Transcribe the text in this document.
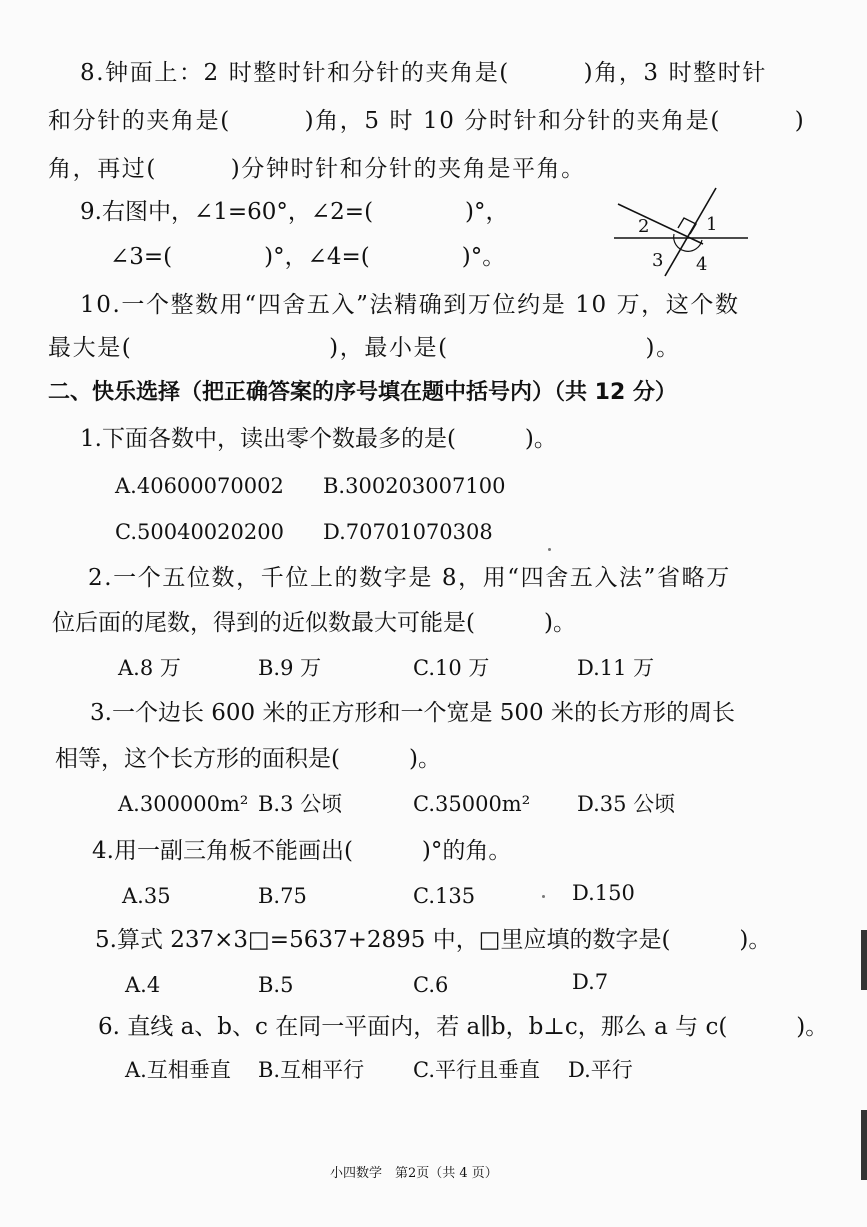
8.钟面上：2 时整时针和分针的夹角是(　　　)角，3 时整时针
和分针的夹角是(　　　)角，5 时 10 分时针和分针的夹角是(　　　)
角，再过(　　　)分钟时针和分针的夹角是平角。
9.右图中，∠1=60°，∠2=(　　　　)°，
∠3=(　　　　)°，∠4=(　　　　)°。
2	1
3 4
10.一个整数用“四舍五入”法精确到万位约是 10 万，这个数
最大是(　　　　　　　　)，最小是(　　　　　　　　)。
二、快乐选择（把正确答案的序号填在题中括号内）（共 12 分）
1.下面各数中，读出零个数最多的是(　　　)。
A.40600070002 B.300203007100
C.50040020200 D.70701070308
2.一个五位数，千位上的数字是 8，用“四舍五入法”省略万
位后面的尾数，得到的近似数最大可能是(　　　)。
A.8 万	B.9 万	C.10 万	D.11 万
3.一个边长 600 米的正方形和一个宽是 500 米的长方形的周长
相等，这个长方形的面积是(　　　)。
A.300000m² B.3 公顷	C.35000m² D.35 公顷
4.用一副三角板不能画出(　　　)°的角。
A.35	B.75	C.135	D.150
5.算式 237×3□=5637+2895 中，□里应填的数字是(　　　)。
A.4	B.5	C.6	D.7
6. 直线 a、b、c 在同一平面内，若 a∥b，b⊥c，那么 a 与 c(　　　)。
A.互相垂直 B.互相平行 C.平行且垂直 D.平行
小四数学　第2页（共 4 页）
